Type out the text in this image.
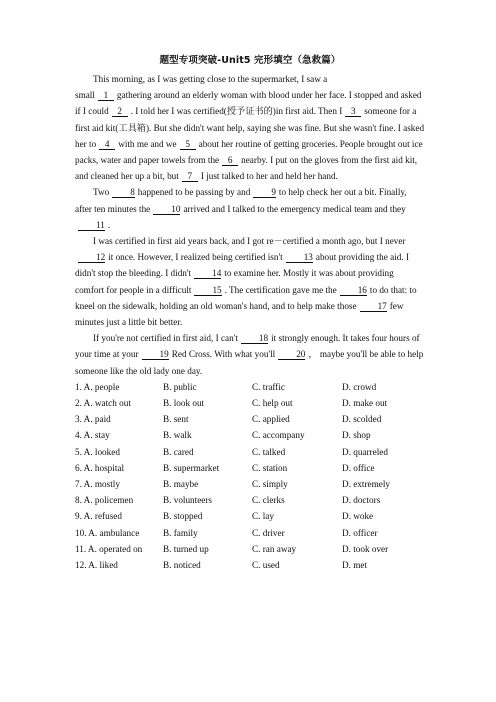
题型专项突破-Unit5 完形填空（急救篇）

This morning, as I was getting close to the supermarket, I saw a

small 1 gathering around an elderly woman with blood under her face. I stopped and asked if I could 2 . I told her I was certified(授予证书的)in first aid. Then I 3 someone for a first aid kit(工具箱). But she didn't want help, saying she was fine. But she wasn't fine. I asked her to 4 with me and we 5 about her routine of getting groceries. People brought out ice packs, water and paper towels from the 6 nearby. I put on the gloves from the first aid kit, and cleaned her up a bit, but 7 I just talked to her and held her hand.

Two 8 happened to be passing by and 9 to help check her out a bit. Finally, after ten minutes the 10 arrived and I talked to the emergency medical team and they11 .

I was certified in first aid years back, and I got re－certified a month ago, but I never12 it once. However, I realized being certified isn't 13 about providing the aid. I didn't stop the bleeding. I didn't 14 to examine her. Mostly it was about providing comfort for people in a difficult 15 . The certification gave me the 16 to do that: to kneel on the sidewalk, holding an old woman's hand, and to help make those 17 few minutes just a little bit better.

If you're not certified in first aid, I can't 18 it strongly enough. It takes four hours of your time at your 19 Red Cross. With what you'll 20 ， maybe you'll be able to help someone like the old lady one day.

1. A. people	B. public	C. traffic	D. crowd
2. A. watch out	B. look out	C. help out	D. make out
3. A. paid	B. sent	C. applied	D. scolded
4. A. stay	B. walk	C. accompany	D. shop
5. A. looked	B. cared	C. talked	D. quarreled
6. A. hospital	B. supermarket	C. station	D. office
7. A. mostly	B. maybe	C. simply	D. extremely
8. A. policemen	B. volunteers	C. clerks	D. doctors
9. A. refused	B. stopped	C. lay	D. woke
10. A. ambulance	B. family	C. driver	D. officer
11. A. operated on	B. turned up	C. ran away	D. took over
12. A. liked	B. noticed	C. used	D. met
